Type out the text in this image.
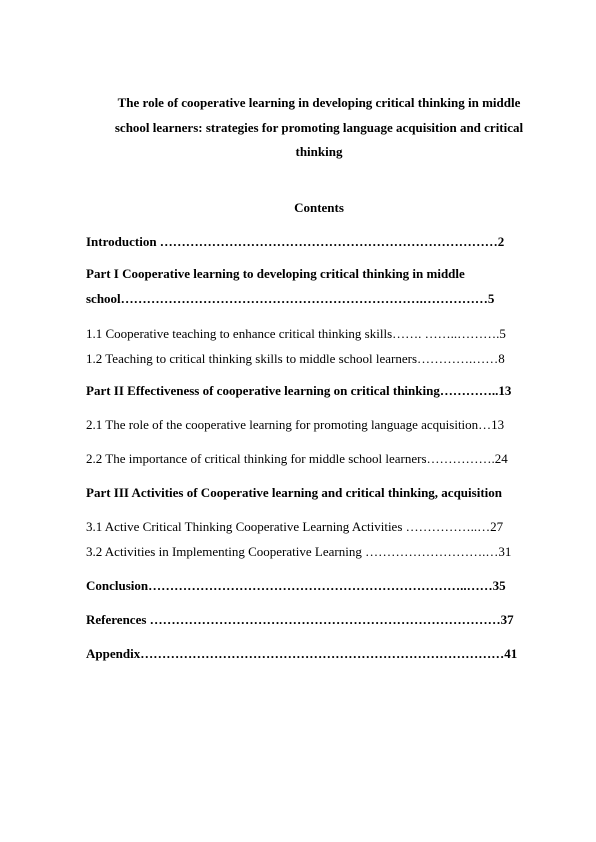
The role of cooperative learning in developing critical thinking in middle
school learners: strategies for promoting language acquisition and critical
thinking
Contents
Introduction ……………………………………………………………………2
Part I Cooperative learning to developing critical thinking in middle
school…………………………………………………………….……………5
1.1 Cooperative teaching to enhance critical thinking skills……. ……..……….5
1.2 Teaching to critical thinking skills to middle school learners………….……8
Part II Effectiveness of cooperative learning on critical thinking…………..13
2.1 The role of the cooperative learning for promoting language acquisition…13
2.2 The importance of critical thinking for middle school learners…………….24
Part III Activities of Cooperative learning and critical thinking, acquisition
3.1 Active Critical Thinking Cooperative Learning Activities ……………..…27
3.2 Activities in Implementing Cooperative Learning ……………………….…31
Conclusion………………………………………………………………..……35
References ………………………………………………………………………37
Appendix…………………………………………………………………………41
